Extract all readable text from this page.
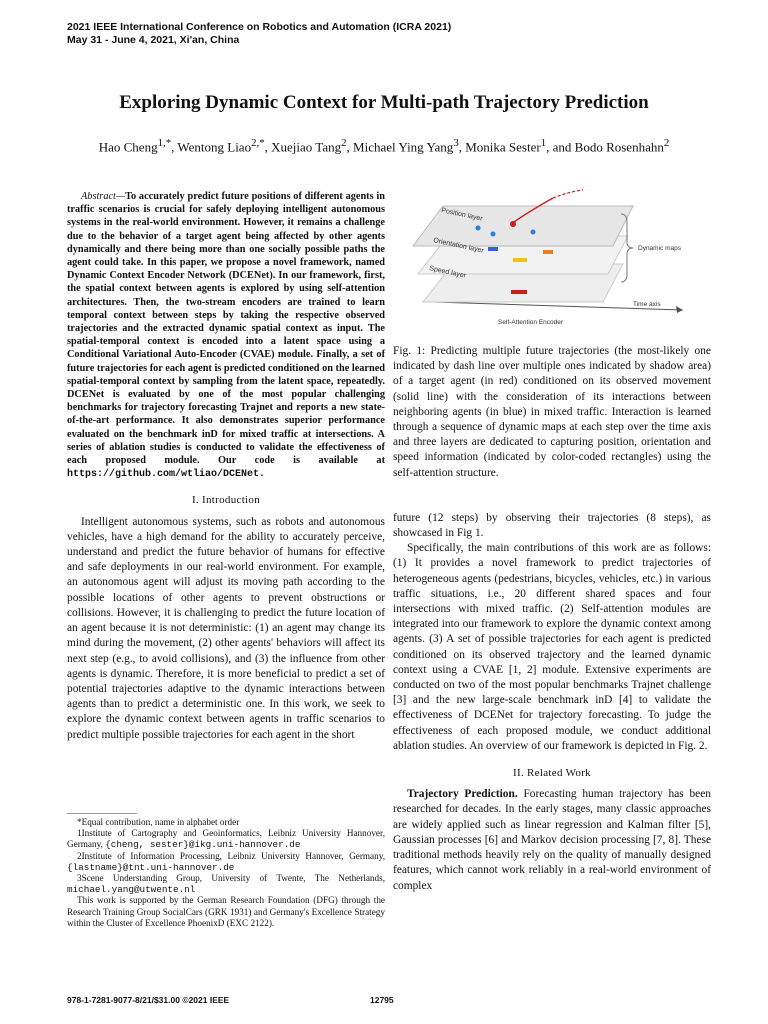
2021 IEEE International Conference on Robotics and Automation (ICRA 2021)
May 31 - June 4, 2021, Xi'an, China
Exploring Dynamic Context for Multi-path Trajectory Prediction
Hao Cheng$^{1,*}$, Wentong Liao$^{2,*}$, Xuejiao Tang$^2$, Michael Ying Yang$^3$, Monika Sester$^1$, and Bodo Rosenhahn$^2$

Abstract—To accurately predict future positions of different agents in traffic scenarios is crucial for safely deploying intelligent autonomous systems in the real-world environment. However, it remains a challenge due to the behavior of a target agent being affected by other agents dynamically and there being more than one socially possible paths the agent could take. In this paper, we propose a novel framework, named Dynamic Context Encoder Network (DCENet). In our framework, first, the spatial context between agents is explored by using self-attention architectures. Then, the two-stream encoders are trained to learn temporal context between steps by taking the respective observed trajectories and the extracted dynamic spatial context as input. The spatial-temporal context is encoded into a latent space using a Conditional Variational Auto-Encoder (CVAE) module. Finally, a set of future trajectories for each agent is predicted conditioned on the learned spatial-temporal context by sampling from the latent space, repeatedly. DCENet is evaluated by one of the most popular challenging benchmarks for trajectory forecasting Trajnet and reports a new state-of-the-art performance. It also demonstrates superior performance evaluated on the benchmark inD for mixed traffic at intersections. A series of ablation studies is conducted to validate the effectiveness of each proposed module. Our code is available at https://github.com/wtliao/DCENet.

I. Introduction

Intelligent autonomous systems, such as robots and autonomous vehicles, have a high demand for the ability to accurately perceive, understand and predict the future behavior of humans for effective and safe deployments in our real-world environment. For example, an autonomous agent will adjust its moving path according to the possible locations of other agents to prevent obstructions or collisions. However, it is challenging to predict the future location of an agent because it is not deterministic: (1) an agent may change its mind during the movement, (2) other agents' behaviors will affect its next step (e.g., to avoid collisions), and (3) the influence from other agents is dynamic. Therefore, it is more beneficial to predict a set of potential trajectories adaptive to the dynamic interactions between agents than to predict a deterministic one. In this work, we seek to explore the dynamic context between agents in traffic scenarios to predict multiple possible trajectories for each agent in the short

*Equal contribution, name in alphabet order

1Institute of Cartography and Geoinformatics, Leibniz University Hannover, Germany, {cheng, sester}@ikg.uni-hannover.de

2Institute of Information Processing, Leibniz University Hannover, Germany, {lastname}@tnt.uni-hannover.de

3Scene Understanding Group, University of Twente, The Netherlands, michael.yang@utwente.nl

This work is supported by the German Research Foundation (DFG) through the Research Training Group SocialCars (GRK 1931) and Germany's Excellence Strategy within the Cluster of Excellence PhoenixD (EXC 2122).

Position layer
Orientation layer
Speed layer
Dynamic maps
Time axis
Self-Attention Encoder

Fig. 1: Predicting multiple future trajectories (the most-likely one indicated by dash line over multiple ones indicated by shadow area) of a target agent (in red) conditioned on its observed movement (solid line) with the consideration of its interactions between neighboring agents (in blue) in mixed traffic. Interaction is learned through a sequence of dynamic maps at each step over the time axis and three layers are dedicated to capturing position, orientation and speed information (indicated by color-coded rectangles) using the self-attention structure.

future (12 steps) by observing their trajectories (8 steps), as showcased in Fig 1.

Specifically, the main contributions of this work are as follows: (1) It provides a novel framework to predict trajectories of heterogeneous agents (pedestrians, bicycles, vehicles, etc.) in various traffic situations, i.e., 20 different shared spaces and four intersections with mixed traffic. (2) Self-attention modules are integrated into our framework to explore the dynamic context among agents. (3) A set of possible trajectories for each agent is predicted conditioned on its observed trajectory and the learned dynamic context using a CVAE [1, 2] module. Extensive experiments are conducted on two of the most popular benchmarks Trajnet challenge [3] and the new large-scale benchmark inD [4] to validate the effectiveness of DCENet for trajectory forecasting. To judge the effectiveness of each proposed module, we conduct additional ablation studies. An overview of our framework is depicted in Fig. 2.

II. Related Work

Trajectory Prediction. Forecasting human trajectory has been researched for decades. In the early stages, many classic approaches are widely applied such as linear regression and Kalman filter [5], Gaussian processes [6] and Markov decision processing [7, 8]. These traditional methods heavily rely on the quality of manually designed features, which cannot work reliably in a real-world environment of complex

978-1-7281-9077-8/21/$31.00 ©2021 IEEE	12795
